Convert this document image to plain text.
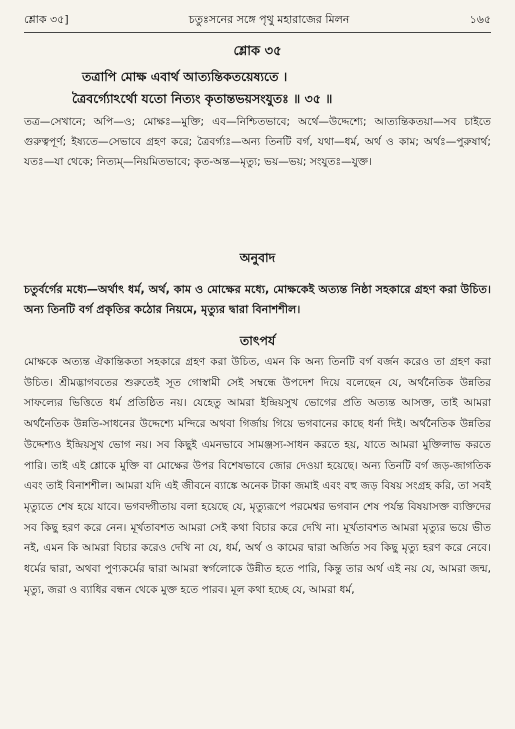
শ্লোক ৩৫]	চতুঃসনের সঙ্গে পৃথু মহারাজের মিলন	১৬৫
শ্লোক ৩৫
তত্রাপি মোক্ষ এবার্থ আত্যন্তিকতয়েষ্যতে ।
ত্রৈবর্গ্যোঽর্থো যতো নিত্যং কৃতান্তভয়সংযুতঃ ॥ ৩৫ ॥
তত্র—সেখানে; অপি—ও; মোক্ষঃ—মুক্তি; এব—নিশ্চিতভাবে; অর্থে—উদ্দেশ্যে; আত্যন্তিকতয়া—সব চাইতে গুরুত্বপূর্ণ; ইষ্যতে—সেভাবে গ্রহণ করে; ত্রৈবর্গ্যঃ—অন্য তিনটি বর্গ, যথা—ধর্ম, অর্থ ও কাম; অর্থঃ—পুরুষার্থ; যতঃ—যা থেকে; নিত্যম্—নিয়মিতভাবে; কৃত-অন্ত—মৃত্যু; ভয়—ভয়; সংযুতঃ—যুক্ত।
অনুবাদ
চতুর্বর্গের মধ্যে—অর্থাৎ ধর্ম, অর্থ, কাম ও মোক্ষের মধ্যে, মোক্ষকেই অত্যন্ত নিষ্ঠা সহকারে গ্রহণ করা উচিত। অন্য তিনটি বর্গ প্রকৃতির কঠোর নিয়মে, মৃত্যুর দ্বারা বিনাশশীল।
তাৎপর্য
মোক্ষকে অত্যন্ত ঐকান্তিকতা সহকারে গ্রহণ করা উচিত, এমন কি অন্য তিনটি বর্গ বর্জন করেও তা গ্রহণ করা উচিত। শ্রীমদ্ভাগবতের শুরুতেই সূত গোস্বামী সেই সম্বন্ধে উপদেশ দিয়ে বলেছেন যে, অর্থনৈতিক উন্নতির সাফল্যের ভিত্তিতে ধর্ম প্রতিষ্ঠিত নয়। যেহেতু আমরা ইন্দ্রিয়সুখ ভোগের প্রতি অত্যন্ত আসক্ত, তাই আমরা অর্থনৈতিক উন্নতি-সাধনের উদ্দেশ্যে মন্দিরে অথবা গির্জায় গিয়ে ভগবানের কাছে ধর্না দিই। অর্থনৈতিক উন্নতির উদ্দেশ্যও ইন্দ্রিয়সুখ ভোগ নয়। সব কিছুই এমনভাবে সামঞ্জস্য-সাধন করতে হয়, যাতে আমরা মুক্তিলাভ করতে পারি। তাই এই শ্লোকে মুক্তি বা মোক্ষের উপর বিশেষভাবে জোর দেওয়া হয়েছে। অন্য তিনটি বর্গ জড়-জাগতিক এবং তাই বিনাশশীল। আমরা যদি এই জীবনে ব্যাঙ্কে অনেক টাকা জমাই এবং বহু জড় বিষয় সংগ্রহ করি, তা সবই মৃত্যুতে শেষ হয়ে যাবে। ভগবদ্গীতায় বলা হয়েছে যে, মৃত্যুরূপে পরমেশ্বর ভগবান শেষ পর্যন্ত বিষয়াসক্ত ব্যক্তিদের সব কিছু হরণ করে নেন। মূর্খতাবশত আমরা সেই কথা বিচার করে দেখি না। মূর্খতাবশত আমরা মৃত্যুর ভয়ে ভীত নই, এমন কি আমরা বিচার করেও দেখি না যে, ধর্ম, অর্থ ও কামের দ্বারা অর্জিত সব কিছু মৃত্যু হরণ করে নেবে। ধর্মের দ্বারা, অথবা পুণ্যকর্মের দ্বারা আমরা স্বর্গলোকে উন্নীত হতে পারি, কিন্তু তার অর্থ এই নয় যে, আমরা জন্ম, মৃত্যু, জরা ও ব্যাধির বন্ধন থেকে মুক্ত হতে পারব। মূল কথা হচ্ছে যে, আমরা ধর্ম,
